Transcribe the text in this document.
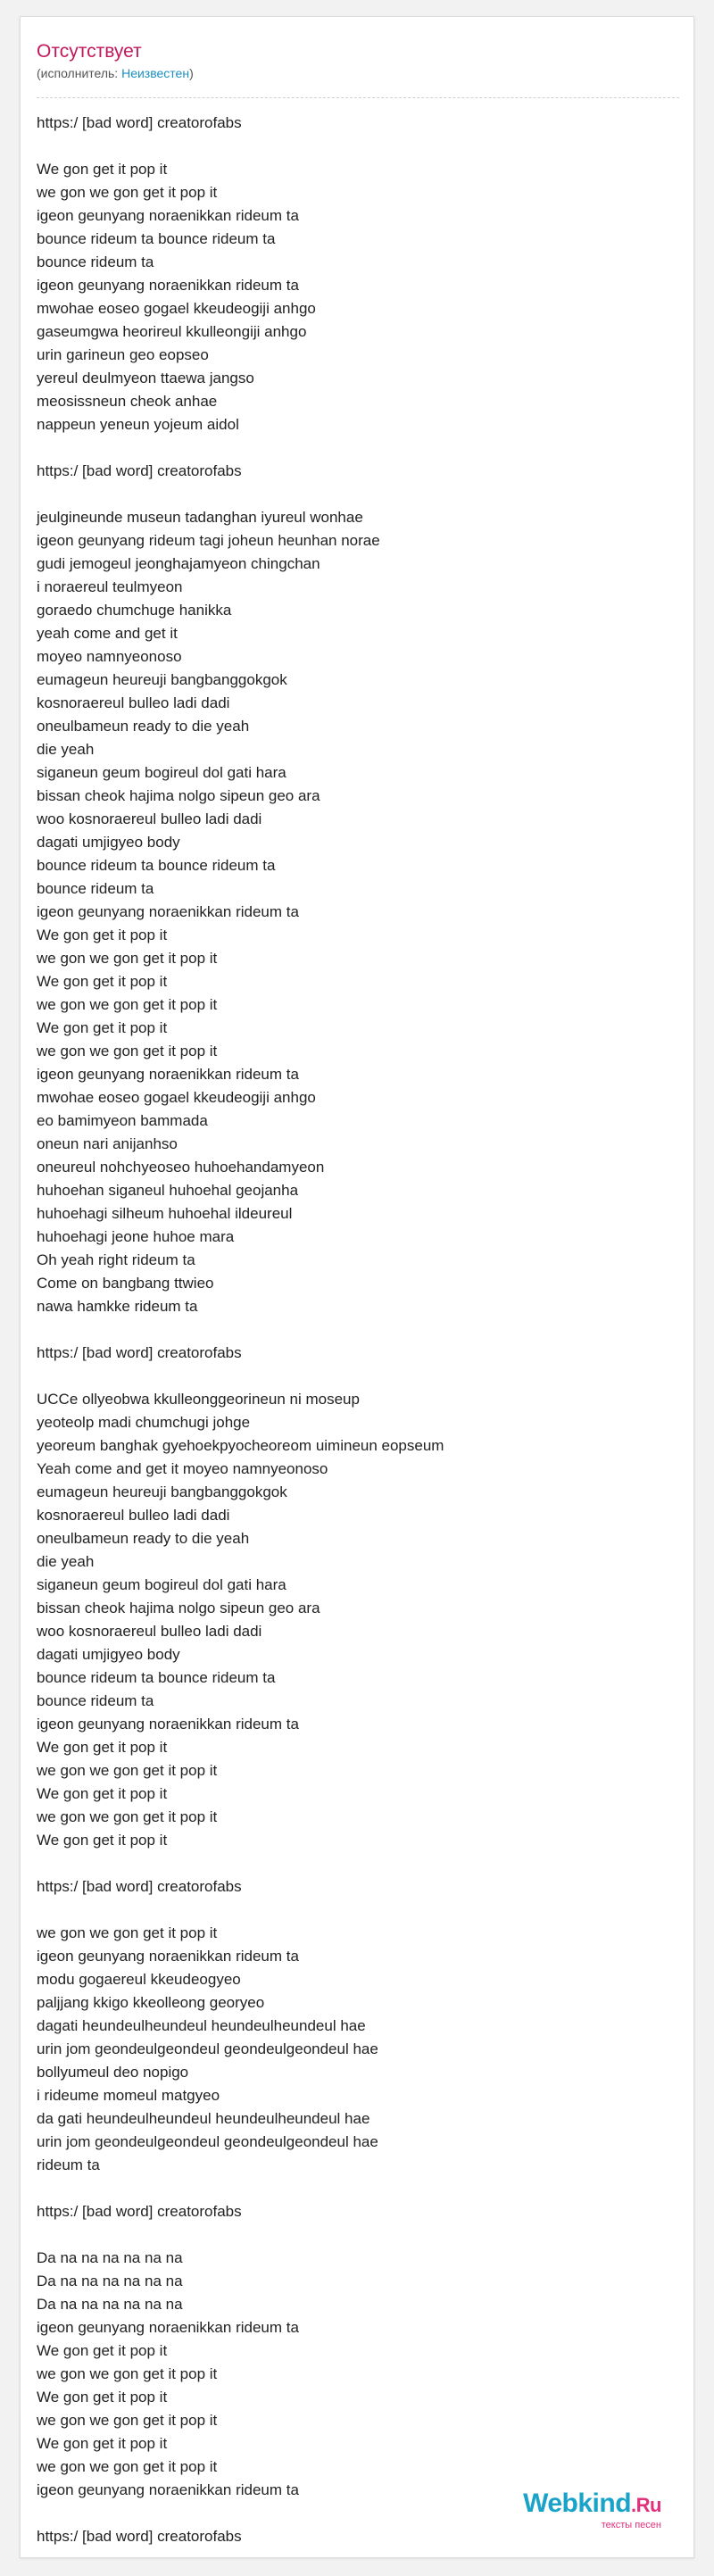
Отсутствует
(исполнитель: Неизвестен)
https:/ [bad word] creatorofabs
We gon get it pop it
we gon we gon get it pop it
igeon geunyang noraenikkan rideum ta
bounce rideum ta bounce rideum ta
bounce rideum ta
igeon geunyang noraenikkan rideum ta
mwohae eoseo gogael kkeudeogiji anhgo
gaseumgwa heorireul kkulleongiji anhgo
urin garineun geo eopseo
yereul deulmyeon ttaewa jangso
meosissneun cheok anhae
nappeun yeneun yojeum aidol
https:/ [bad word] creatorofabs
jeulgineunde museun tadanghan iyureul wonhae
igeon geunyang rideum tagi joheun heunhan norae
gudi jemogeul jeonghajamyeon chingchan
i noraereul teulmyeon
goraedo chumchuge hanikka
yeah come and get it
moyeo namnyeonoso
eumageun heureuji bangbanggokgok
kosnoraereul bulleo ladi dadi
oneulbameun ready to die yeah
die yeah
siganeun geum bogireul dol gati hara
bissan cheok hajima nolgo sipeun geo ara
woo kosnoraereul bulleo ladi dadi
dagati umjigyeo body
bounce rideum ta bounce rideum ta
bounce rideum ta
igeon geunyang noraenikkan rideum ta
We gon get it pop it
we gon we gon get it pop it
We gon get it pop it
we gon we gon get it pop it
We gon get it pop it
we gon we gon get it pop it
igeon geunyang noraenikkan rideum ta
mwohae eoseo gogael kkeudeogiji anhgo
eo bamimyeon bammada
oneun nari anijanhso
oneureul nohchyeoseo huhoehandamyeon
huhoehan siganeul huhoehal geojanha
huhoehagi silheum huhoehal ildeureul
huhoehagi jeone huhoe mara
Oh yeah right rideum ta
Come on bangbang ttwieo
nawa hamkke rideum ta
https:/ [bad word] creatorofabs
UCCe ollyeobwa kkulleonggeorineun ni moseup
yeoteolp madi chumchugi johge
yeoreum banghak gyehoekpyocheoreom uimineun eopseum
Yeah come and get it moyeo namnyeonoso
eumageun heureuji bangbanggokgok
kosnoraereul bulleo ladi dadi
oneulbameun ready to die yeah
die yeah
siganeun geum bogireul dol gati hara
bissan cheok hajima nolgo sipeun geo ara
woo kosnoraereul bulleo ladi dadi
dagati umjigyeo body
bounce rideum ta bounce rideum ta
bounce rideum ta
igeon geunyang noraenikkan rideum ta
We gon get it pop it
we gon we gon get it pop it
We gon get it pop it
we gon we gon get it pop it
We gon get it pop it
https:/ [bad word] creatorofabs
we gon we gon get it pop it
igeon geunyang noraenikkan rideum ta
modu gogaereul kkeudeogyeo
paljjang kkigo kkeolleong georyeo
dagati heundeulheundeul heundeulheundeul hae
urin jom geondeulgeondeul geondeulgeondeul hae
bollyumeul deo nopigo
i rideume momeul matgyeo
da gati heundeulheundeul heundeulheundeul hae
urin jom geondeulgeondeul geondeulgeondeul hae
rideum ta
https:/ [bad word] creatorofabs
Da na na na na na na
Da na na na na na na
Da na na na na na na
igeon geunyang noraenikkan rideum ta
We gon get it pop it
we gon we gon get it pop it
We gon get it pop it
we gon we gon get it pop it
We gon get it pop it
we gon we gon get it pop it
igeon geunyang noraenikkan rideum ta
https:/ [bad word] creatorofabs
Webkind.Ru
тексты песен
